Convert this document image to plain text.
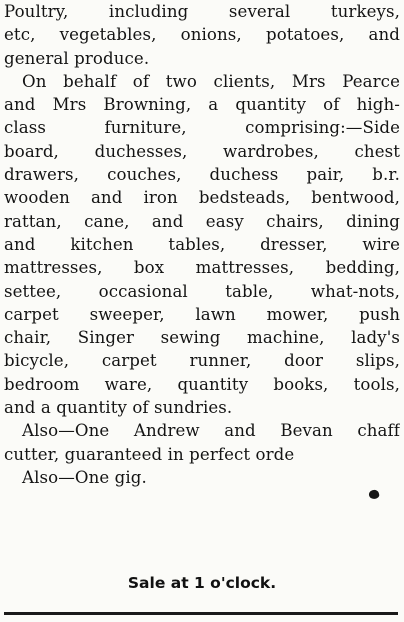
Poultry, including several turkeys,
etc, vegetables, onions, potatoes, and
general produce.
On behalf of two clients, Mrs Pearce
and Mrs Browning, a quantity of high-
class furniture, comprising:—Side
board, duchesses, wardrobes, chest
drawers, couches, duchess pair, b.r.
wooden and iron bedsteads, bentwood,
rattan, cane, and easy chairs, dining
and kitchen tables, dresser, wire
mattresses, box mattresses, bedding,
settee, occasional table, what-nots,
carpet sweeper, lawn mower, push
chair, Singer sewing machine, lady's
bicycle, carpet runner, door slips,
bedroom ware, quantity books, tools,
and a quantity of sundries.
Also—One Andrew and Bevan chaff
cutter, guaranteed in perfect orde
Also—One gig.
Sale at 1 o'clock.
